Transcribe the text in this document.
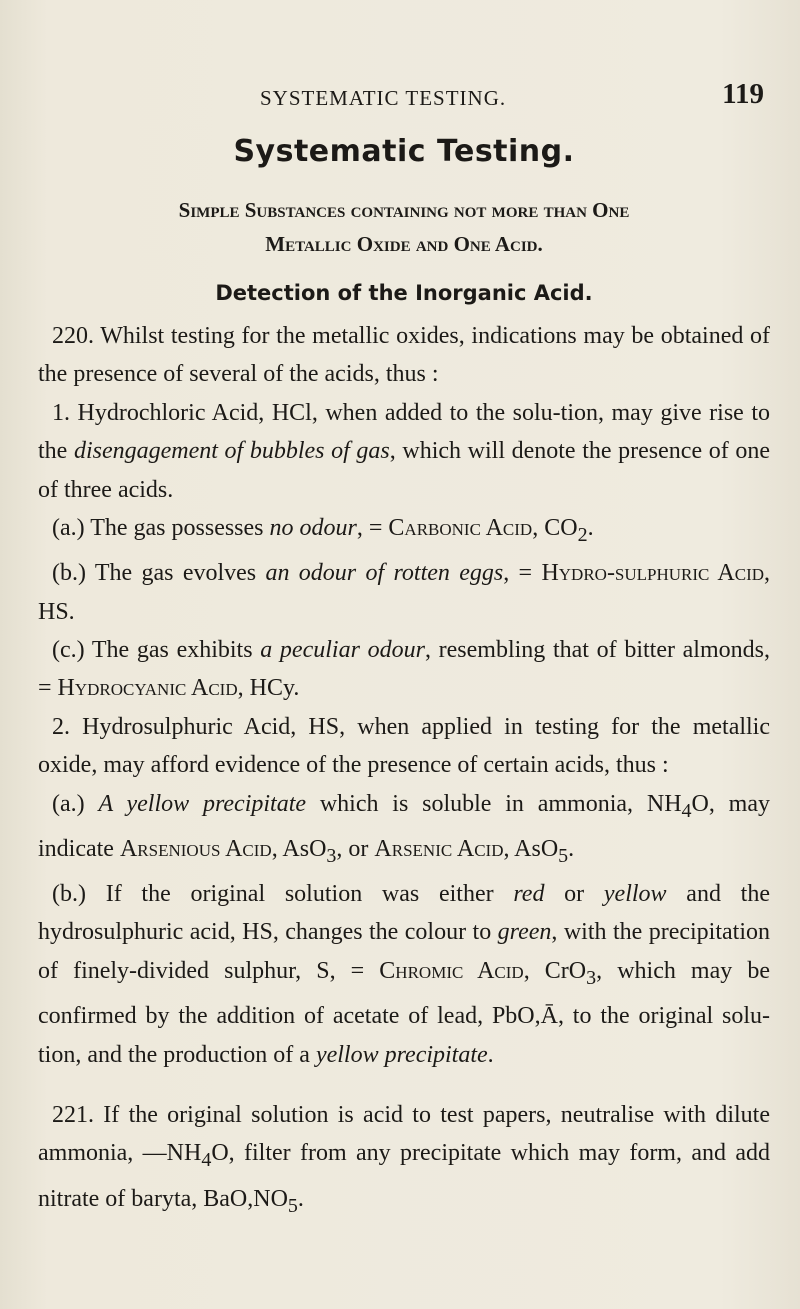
SYSTEMATIC TESTING.	119
Systematic Testing.
Simple Substances containing not more than One
Metallic Oxide and One Acid.
Detection of the Inorganic Acid.

220. Whilst testing for the metallic oxides, indications may be obtained of the presence of several of the acids, thus :

1. Hydrochloric Acid, HCl, when added to the solu-tion, may give rise to the disengagement of bubbles of gas, which will denote the presence of one of three acids.

(a.) The gas possesses no odour, = Carbonic Acid, $CO_2$.

(b.) The gas evolves an odour of rotten eggs, = Hydro-sulphuric Acid, HS.

(c.) The gas exhibits a peculiar odour, resembling that of bitter almonds, = Hydrocyanic Acid, HCy.

2. Hydrosulphuric Acid, HS, when applied in testing for the metallic oxide, may afford evidence of the presence of certain acids, thus :

(a.) A yellow precipitate which is soluble in ammonia, $NH_4O$, may indicate Arsenious Acid, AsO$_3$, or Arsenic Acid, AsO$_5$.

(b.) If the original solution was either red or yellow and the hydrosulphuric acid, HS, changes the colour to green, with the precipitation of finely-divided sulphur, S, = Chromic Acid, CrO$_3$, which may be confirmed by the addition of acetate of lead, PbO,Ā, to the original solu-tion, and the production of a yellow precipitate.

221. If the original solution is acid to test papers, neutralise with dilute ammonia, $—NH_4O$, filter from any precipitate which may form, and add nitrate of baryta, $BaO,NO_5$.
